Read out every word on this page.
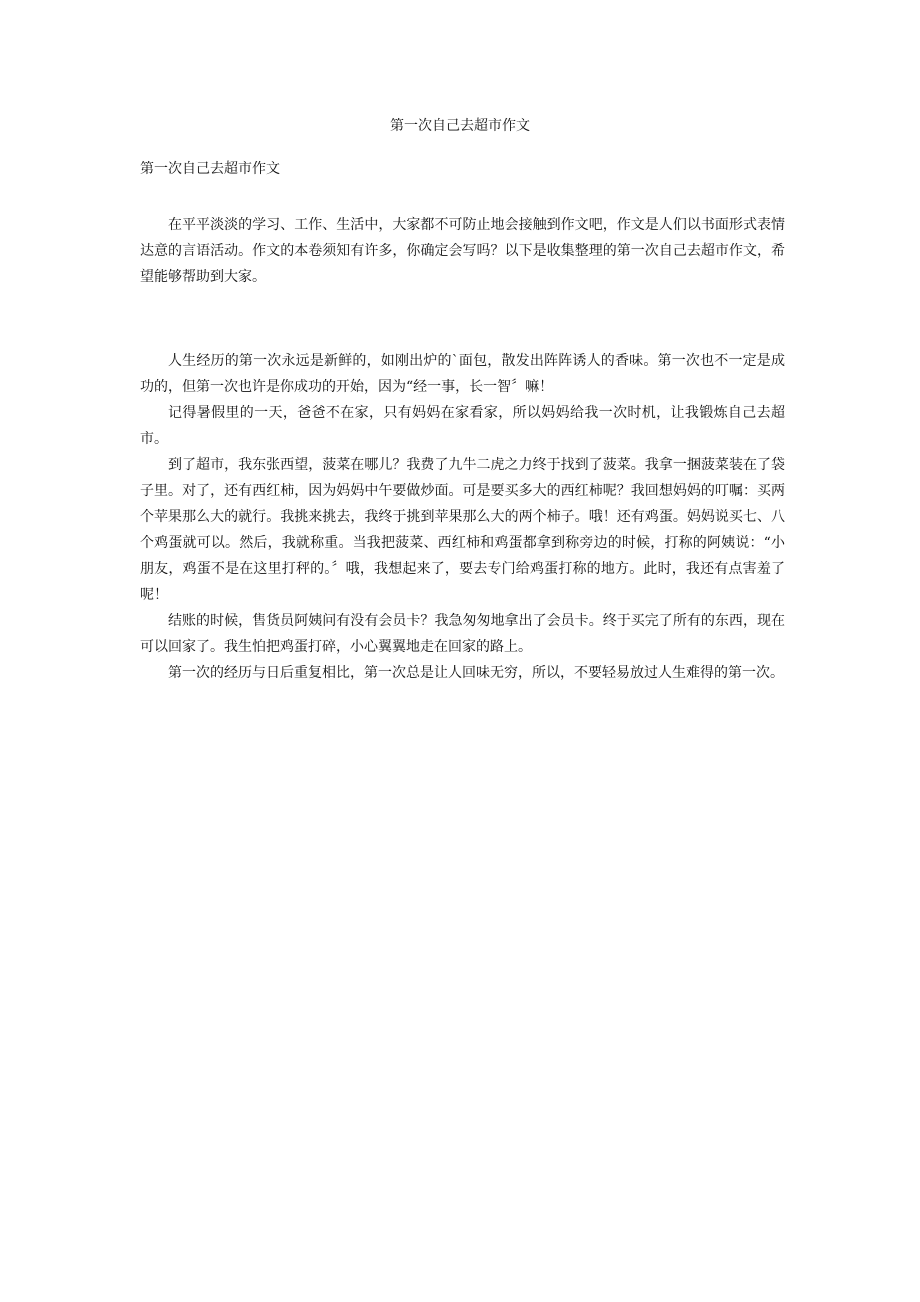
第一次自己去超市作文
第一次自己去超市作文

在平平淡淡的学习、工作、生活中，大家都不可防止地会接触到作文吧，作文是人们以书面形式表情达意的言语活动。作文的本卷须知有许多，你确定会写吗？以下是收集整理的第一次自己去超市作文，希望能够帮助到大家。

人生经历的第一次永远是新鲜的，如刚出炉的`面包，散发出阵阵诱人的香味。第一次也不一定是成功的，但第一次也许是你成功的开始，因为“经一事，长一智〞嘛！

记得暑假里的一天，爸爸不在家，只有妈妈在家看家，所以妈妈给我一次时机，让我锻炼自己去超市。

到了超市，我东张西望，菠菜在哪儿？我费了九牛二虎之力终于找到了菠菜。我拿一捆菠菜装在了袋子里。对了，还有西红柿，因为妈妈中午要做炒面。可是要买多大的西红柿呢？我回想妈妈的叮嘱：买两个苹果那么大的就行。我挑来挑去，我终于挑到苹果那么大的两个柿子。哦！还有鸡蛋。妈妈说买七、八个鸡蛋就可以。然后，我就称重。当我把菠菜、西红柿和鸡蛋都拿到称旁边的时候，打称的阿姨说：“小朋友，鸡蛋不是在这里打秤的。〞哦，我想起来了，要去专门给鸡蛋打称的地方。此时，我还有点害羞了呢！

结账的时候，售货员阿姨问有没有会员卡？我急匆匆地拿出了会员卡。终于买完了所有的东西，现在可以回家了。我生怕把鸡蛋打碎，小心翼翼地走在回家的路上。

第一次的经历与日后重复相比，第一次总是让人回味无穷，所以，不要轻易放过人生难得的第一次。
